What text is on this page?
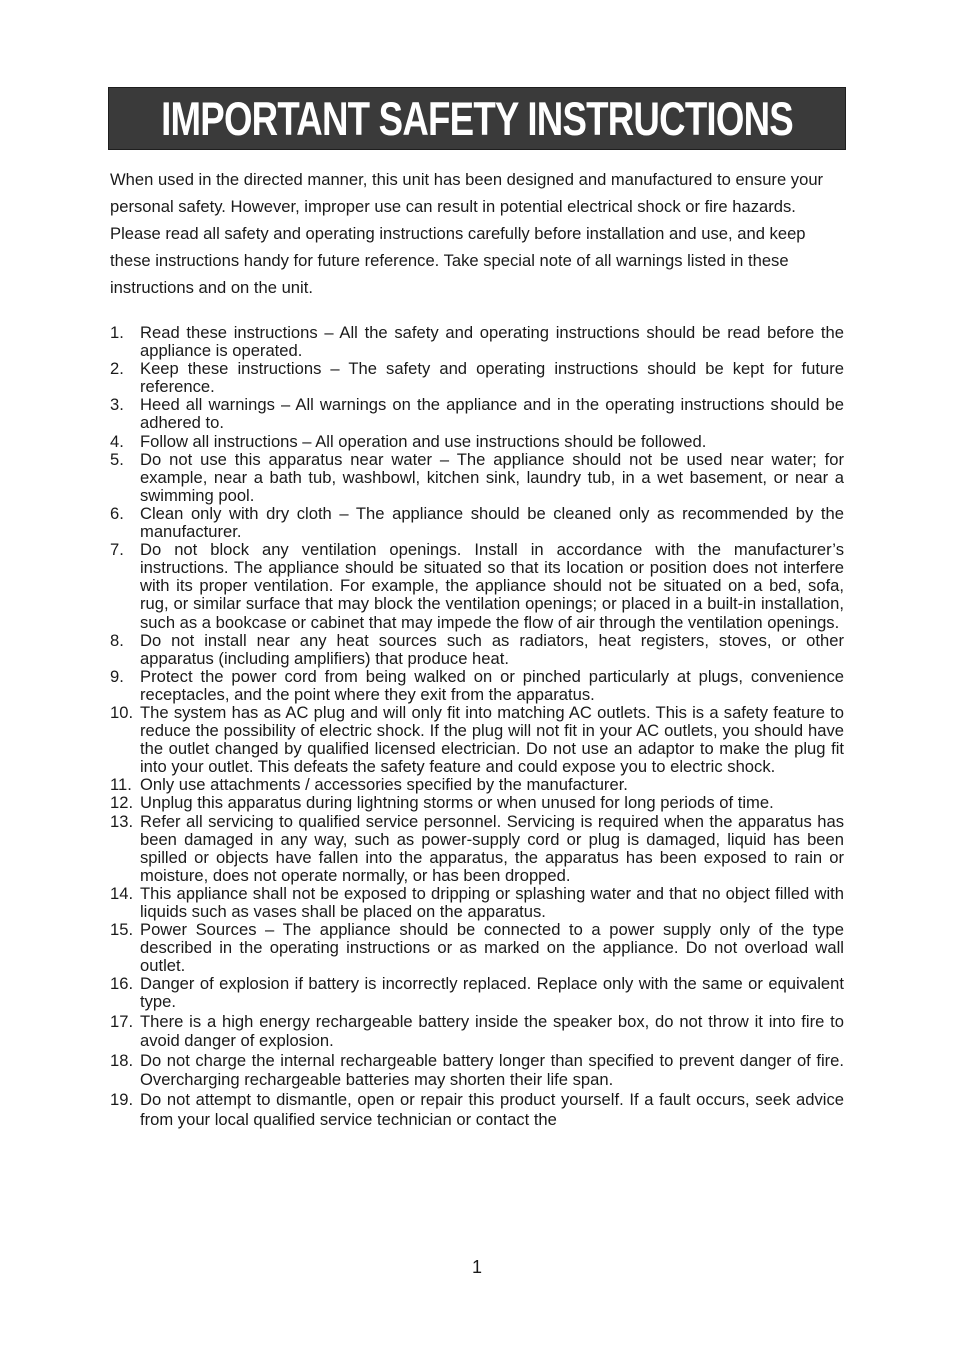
IMPORTANT SAFETY INSTRUCTIONS

When used in the directed manner, this unit has been designed and manufactured to ensure your personal safety. However, improper use can result in potential electrical shock or fire hazards. Please read all safety and operating instructions carefully before installation and use, and keep these instructions handy for future reference. Take special note of all warnings listed in these instructions and on the unit.

1. Read these instructions – All the safety and operating instructions should be read before the appliance is operated.
2. Keep these instructions – The safety and operating instructions should be kept for future reference.
3. Heed all warnings – All warnings on the appliance and in the operating instructions should be adhered to.
4. Follow all instructions – All operation and use instructions should be followed.
5. Do not use this apparatus near water – The appliance should not be used near water; for example, near a bath tub, washbowl, kitchen sink, laundry tub, in a wet basement, or near a swimming pool.
6. Clean only with dry cloth – The appliance should be cleaned only as recommended by the manufacturer.
7. Do not block any ventilation openings. Install in accordance with the manufacturer’s instructions. The appliance should be situated so that its location or position does not interfere with its proper ventilation. For example, the appliance should not be situated on a bed, sofa, rug, or similar surface that may block the ventilation openings; or placed in a built-in installation, such as a bookcase or cabinet that may impede the flow of air through the ventilation openings.
8. Do not install near any heat sources such as radiators, heat registers, stoves, or other apparatus (including amplifiers) that produce heat.
9. Protect the power cord from being walked on or pinched particularly at plugs, convenience receptacles, and the point where they exit from the apparatus.
10. The system has as AC plug and will only fit into matching AC outlets. This is a safety feature to reduce the possibility of electric shock. If the plug will not fit in your AC outlets, you should have the outlet changed by qualified licensed electrician. Do not use an adaptor to make the plug fit into your outlet. This defeats the safety feature and could expose you to electric shock.
11. Only use attachments / accessories specified by the manufacturer.
12. Unplug this apparatus during lightning storms or when unused for long periods of time.
13. Refer all servicing to qualified service personnel. Servicing is required when the apparatus has been damaged in any way, such as power-supply cord or plug is damaged, liquid has been spilled or objects have fallen into the apparatus, the apparatus has been exposed to rain or moisture, does not operate normally, or has been dropped.
14. This appliance shall not be exposed to dripping or splashing water and that no object filled with liquids such as vases shall be placed on the apparatus.
15. Power Sources – The appliance should be connected to a power supply only of the type described in the operating instructions or as marked on the appliance. Do not overload wall outlet.
16. Danger of explosion if battery is incorrectly replaced. Replace only with the same or equivalent type.
17. There is a high energy rechargeable battery inside the speaker box, do not throw it into fire to avoid danger of explosion.
18. Do not charge the internal rechargeable battery longer than specified to prevent danger of fire. Overcharging rechargeable batteries may shorten their life span.
19. Do not attempt to dismantle, open or repair this product yourself. If a fault occurs, seek advice from your local qualified service technician or contact the
1
